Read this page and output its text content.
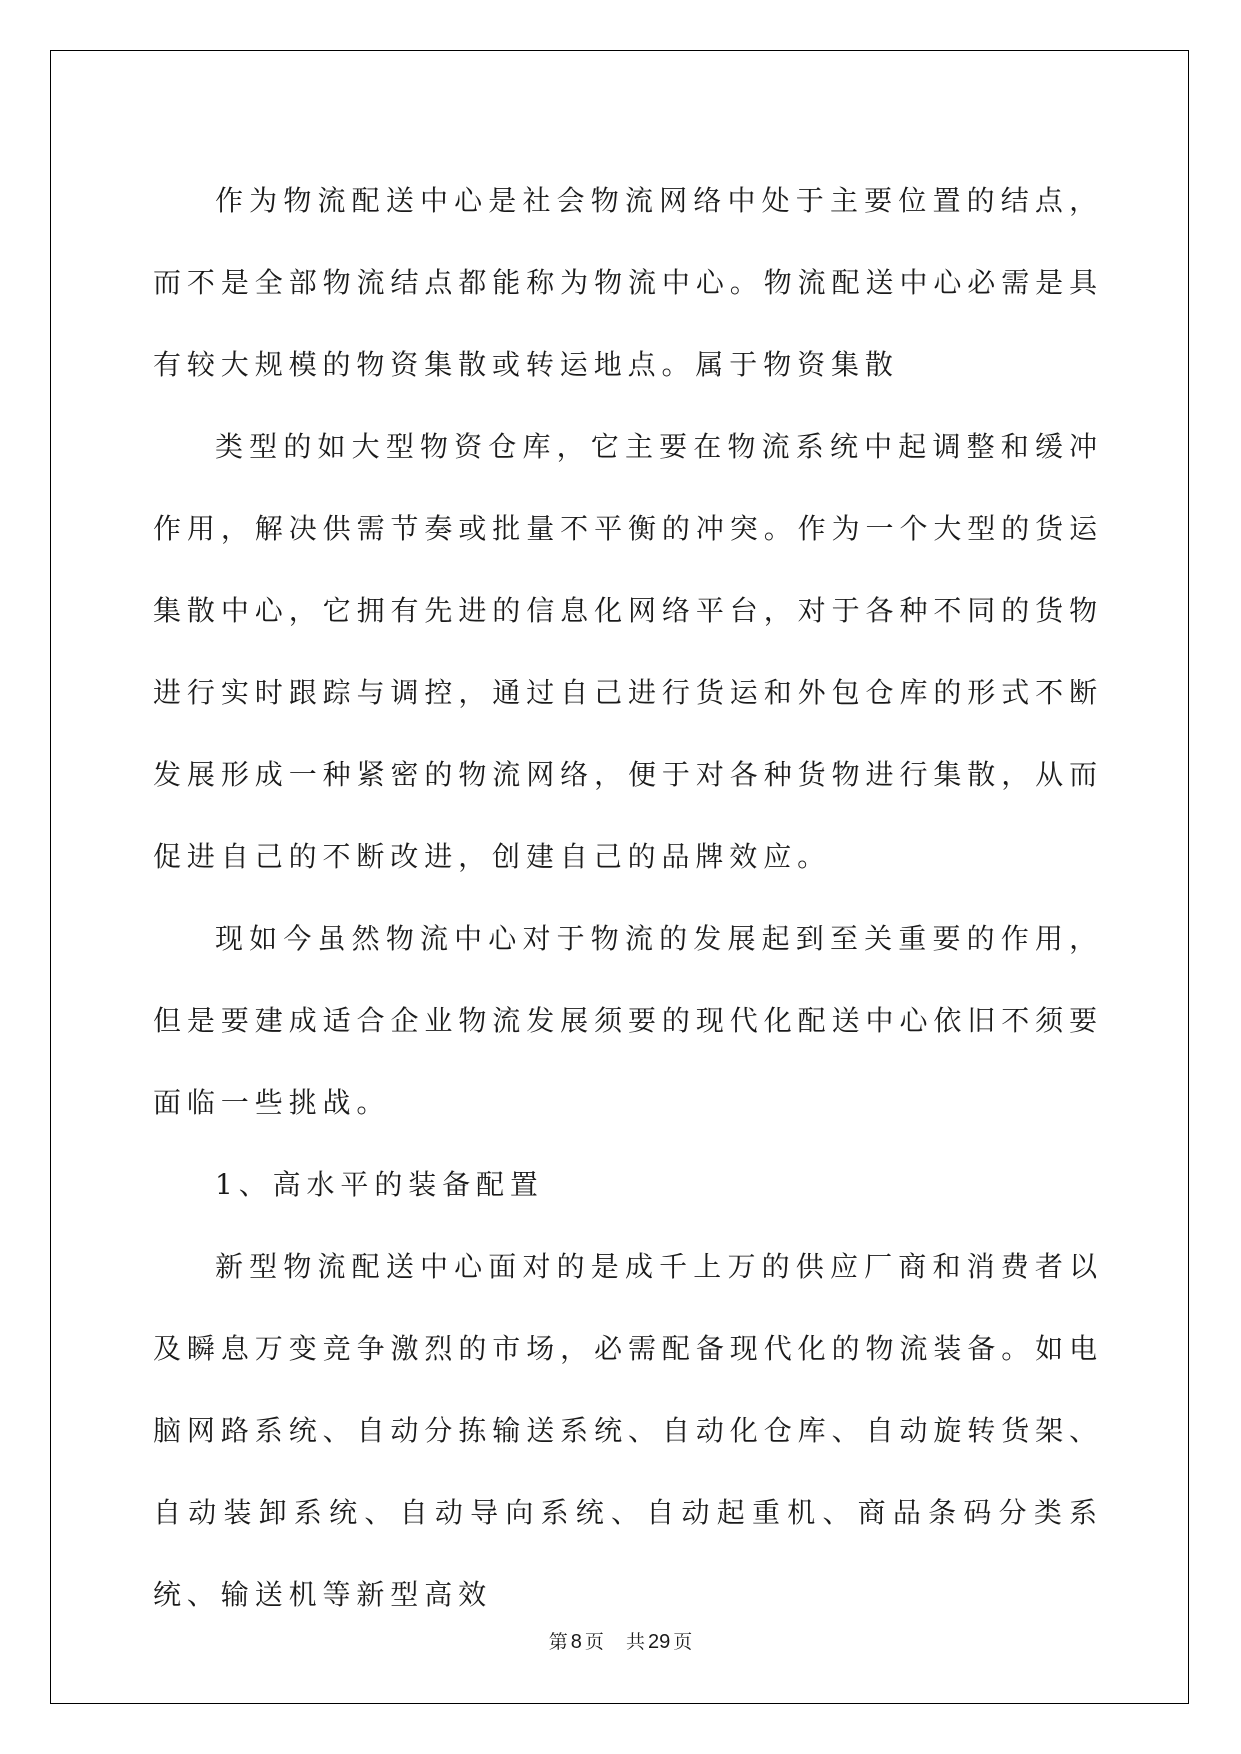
作为物流配送中心是社会物流网络中处于主要位置的结点，而不是全部物流结点都能称为物流中心。物流配送中心必需是具有较大规模的物资集散或转运地点。属于物资集散

类型的如大型物资仓库，它主要在物流系统中起调整和缓冲作用，解决供需节奏或批量不平衡的冲突。作为一个大型的货运集散中心，它拥有先进的信息化网络平台，对于各种不同的货物进行实时跟踪与调控，通过自己进行货运和外包仓库的形式不断发展形成一种紧密的物流网络，便于对各种货物进行集散，从而促进自己的不断改进，创建自己的品牌效应。

现如今虽然物流中心对于物流的发展起到至关重要的作用，但是要建成适合企业物流发展须要的现代化配送中心依旧不须要面临一些挑战。

1、高水平的装备配置

新型物流配送中心面对的是成千上万的供应厂商和消费者以及瞬息万变竞争激烈的市场，必需配备现代化的物流装备。如电脑网路系统、自动分拣输送系统、自动化仓库、自动旋转货架、自动装卸系统、自动导向系统、自动起重机、商品条码分类系统、输送机等新型高效

第 8 页 共 29 页
